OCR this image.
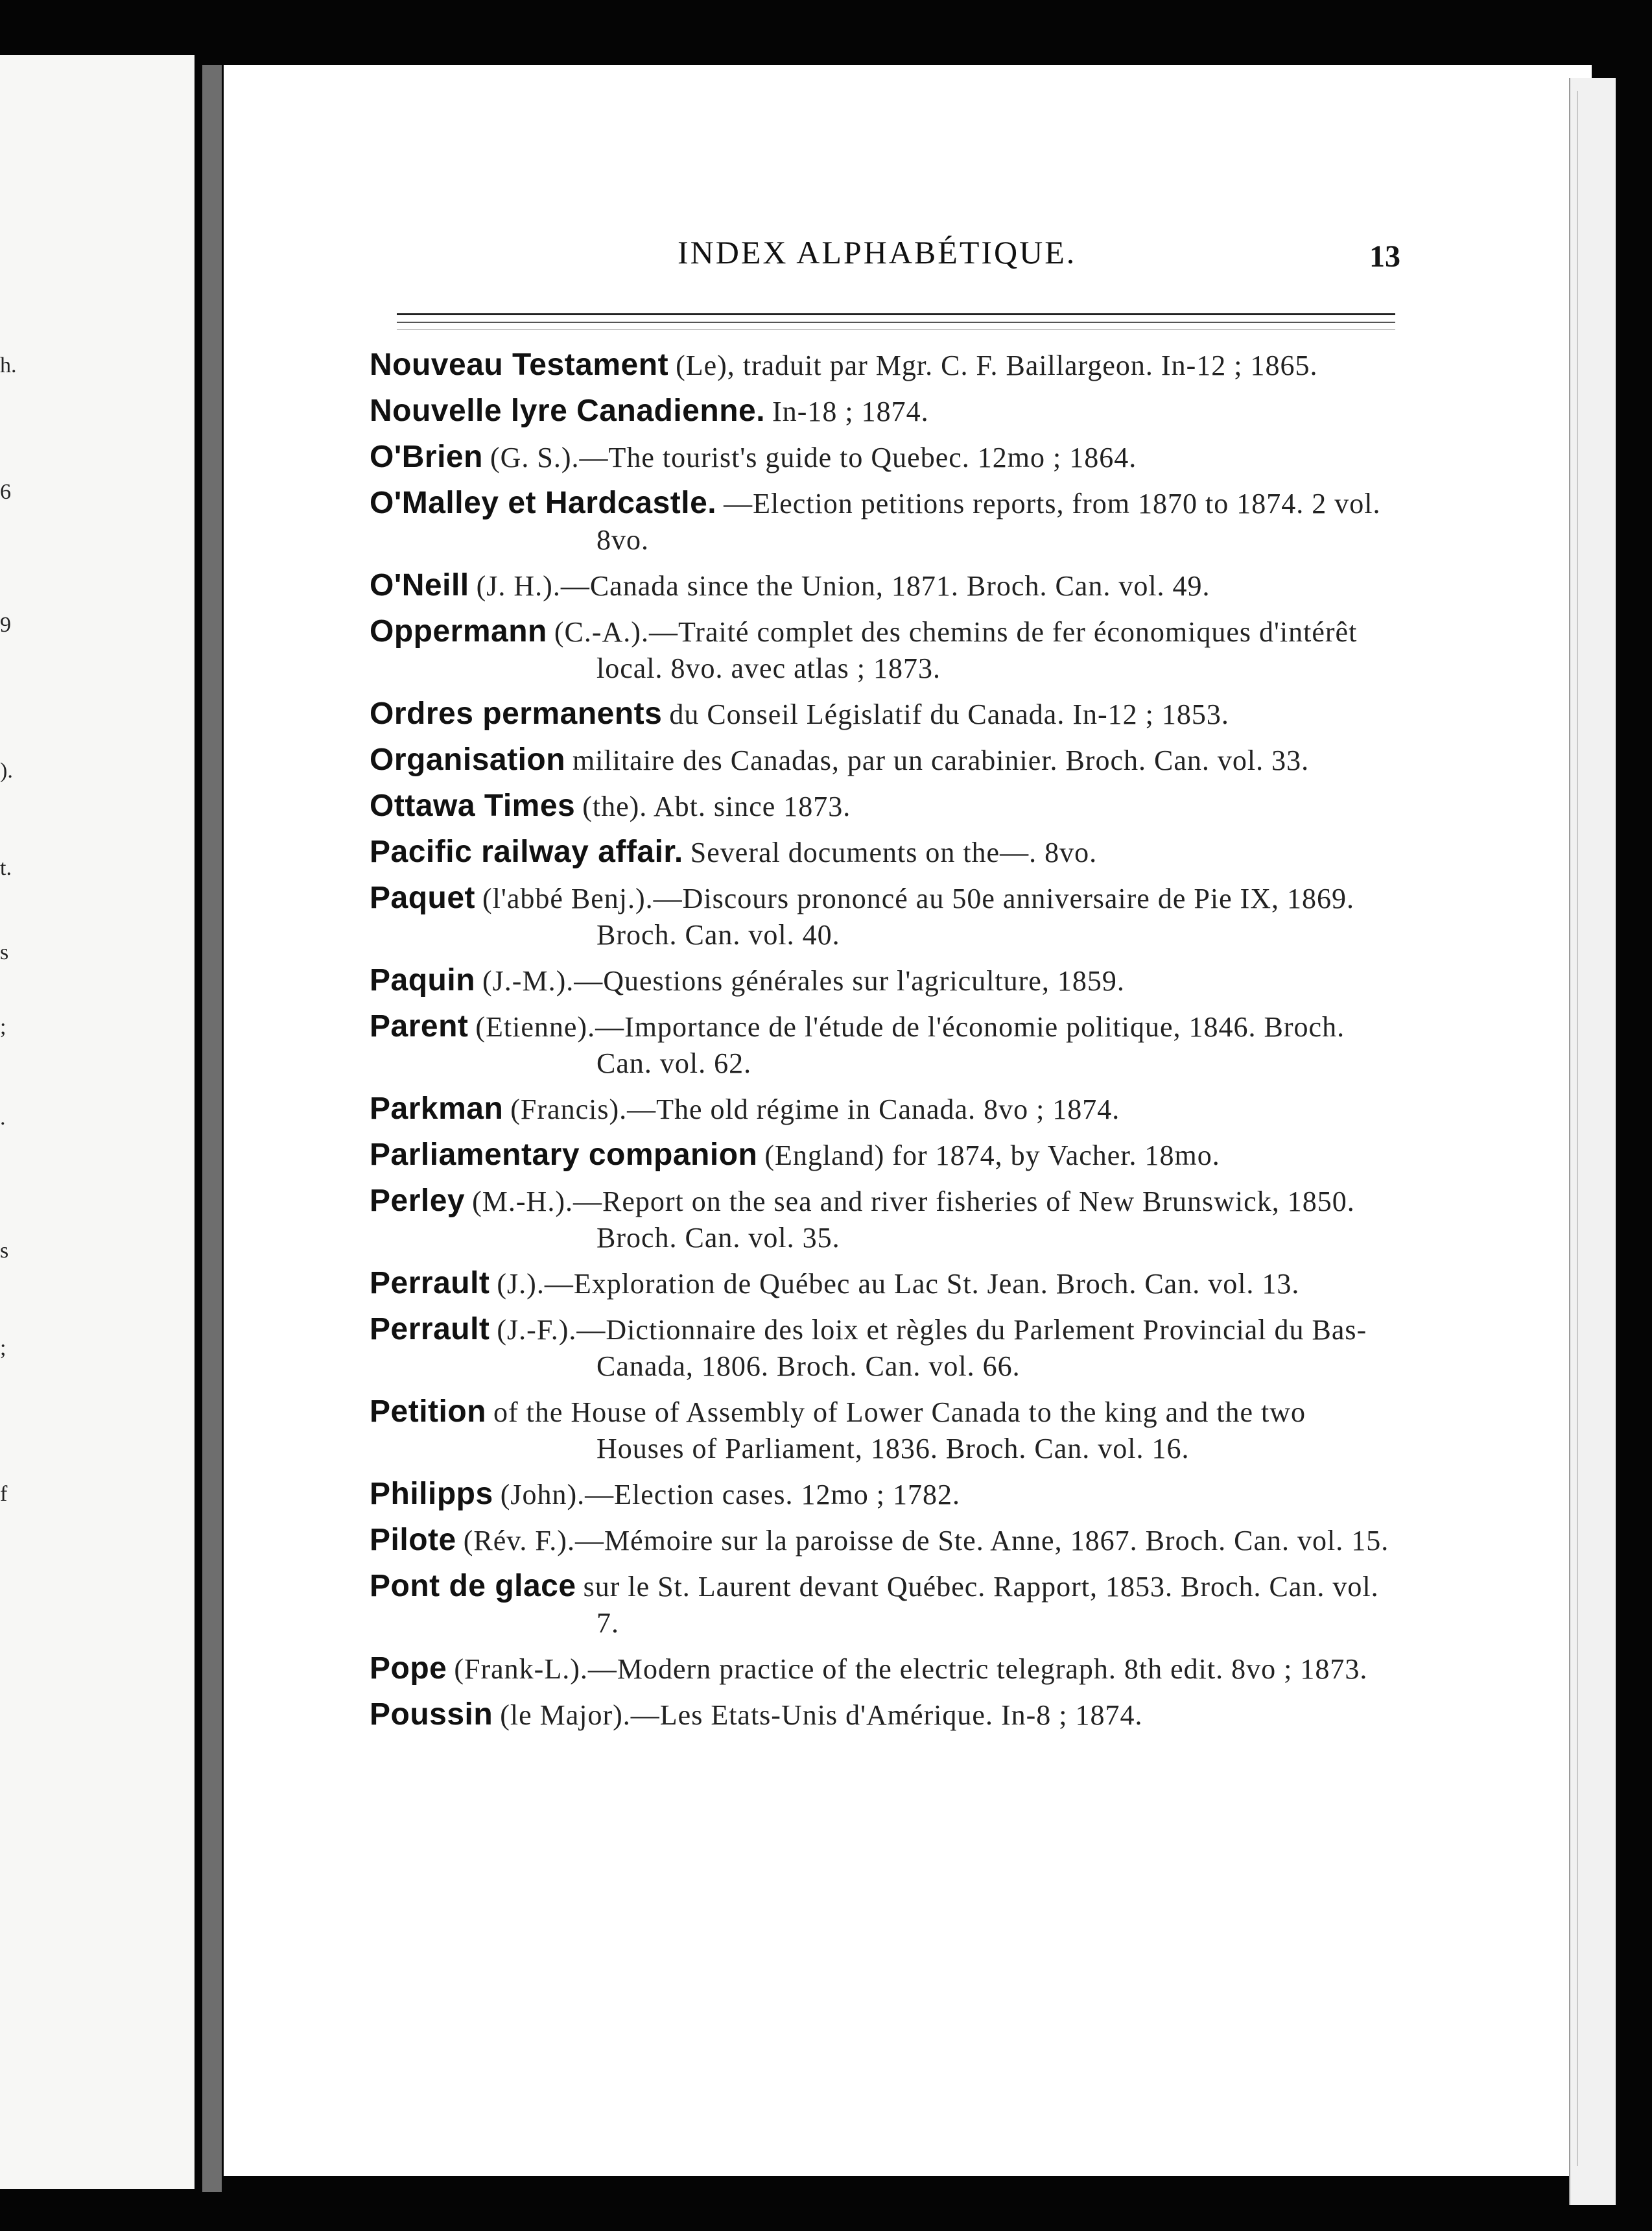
h.
6
9
).
t.
s
;
.
s
;
f
INDEX ALPHABÉTIQUE.	13
Nouveau Testament (Le), traduit par Mgr. C. F. Baillargeon. In-12 ; 1865.
Nouvelle lyre Canadienne. In-18 ; 1874.
O'Brien (G. S.).—The tourist's guide to Quebec. 12mo ; 1864.
O'Malley et Hardcastle. —Election petitions reports, from 1870 to 1874. 2 vol. 8vo.
O'Neill (J. H.).—Canada since the Union, 1871. Broch. Can. vol. 49.
Oppermann (C.-A.).—Traité complet des chemins de fer économiques d'intérêt local. 8vo. avec atlas ; 1873.
Ordres permanents du Conseil Législatif du Canada. In-12 ; 1853.
Organisation militaire des Canadas, par un carabinier. Broch. Can. vol. 33.
Ottawa Times (the). Abt. since 1873.
Pacific railway affair. Several documents on the—. 8vo.
Paquet (l'abbé Benj.).—Discours prononcé au 50e anniversaire de Pie IX, 1869. Broch. Can. vol. 40.
Paquin (J.-M.).—Questions générales sur l'agriculture, 1859.
Parent (Etienne).—Importance de l'étude de l'économie politique, 1846. Broch. Can. vol. 62.
Parkman (Francis).—The old régime in Canada. 8vo ; 1874.
Parliamentary companion (England) for 1874, by Vacher. 18mo.
Perley (M.-H.).—Report on the sea and river fisheries of New Brunswick, 1850. Broch. Can. vol. 35.
Perrault (J.).—Exploration de Québec au Lac St. Jean. Broch. Can. vol. 13.
Perrault (J.-F.).—Dictionnaire des loix et règles du Parlement Provincial du Bas-Canada, 1806. Broch. Can. vol. 66.
Petition of the House of Assembly of Lower Canada to the king and the two Houses of Parliament, 1836. Broch. Can. vol. 16.
Philipps (John).—Election cases. 12mo ; 1782.
Pilote (Rév. F.).—Mémoire sur la paroisse de Ste. Anne, 1867. Broch. Can. vol. 15.
Pont de glace sur le St. Laurent devant Québec. Rapport, 1853. Broch. Can. vol. 7.
Pope (Frank-L.).—Modern practice of the electric telegraph. 8th edit. 8vo ; 1873.
Poussin (le Major).—Les Etats-Unis d'Amérique. In-8 ; 1874.
